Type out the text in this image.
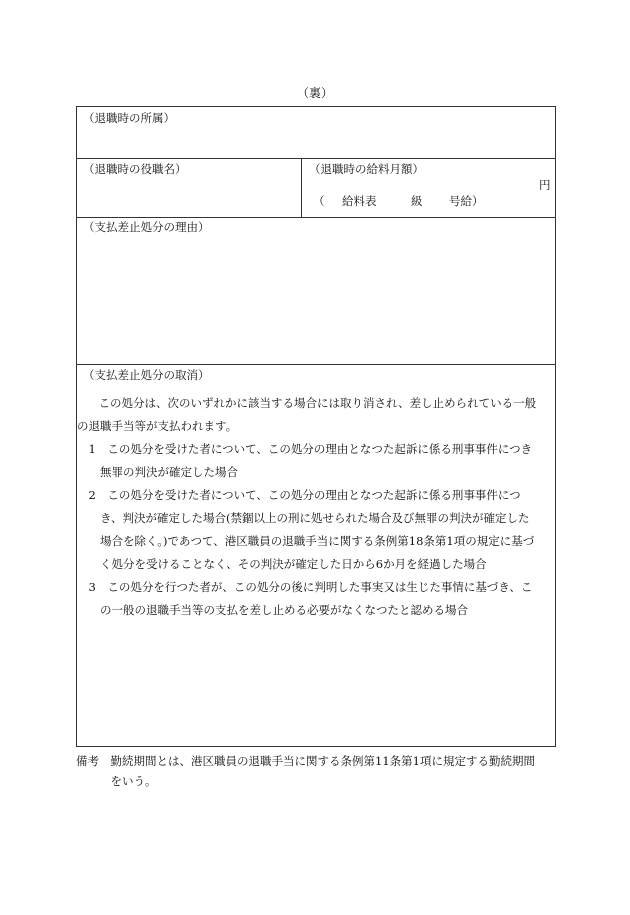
（裏）
（退職時の所属）
（退職時の役職名）	（退職時の給料月額）
円
（ 給料表	級 号給）
（支払差止処分の理由）
（支払差止処分の取消）
　この処分は、次のいずれかに該当する場合には取り消され、差し止められている一般
の退職手当等が支払われます。
　1　この処分を受けた者について、この処分の理由となつた起訴に係る刑事事件につき
　　無罪の判決が確定した場合
　2　この処分を受けた者について、この処分の理由となつた起訴に係る刑事事件につ
　　き、判決が確定した場合(禁錮以上の刑に処せられた場合及び無罪の判決が確定した
　　場合を除く。)であつて、港区職員の退職手当に関する条例第18条第1項の規定に基づ
　　く処分を受けることなく、その判決が確定した日から6か月を経過した場合
　3　この処分を行つた者が、この処分の後に判明した事実又は生じた事情に基づき、こ
　　の一般の退職手当等の支払を差し止める必要がなくなつたと認める場合
備考　勤続期間とは、港区職員の退職手当に関する条例第11条第1項に規定する勤続期間
　　　をいう。
